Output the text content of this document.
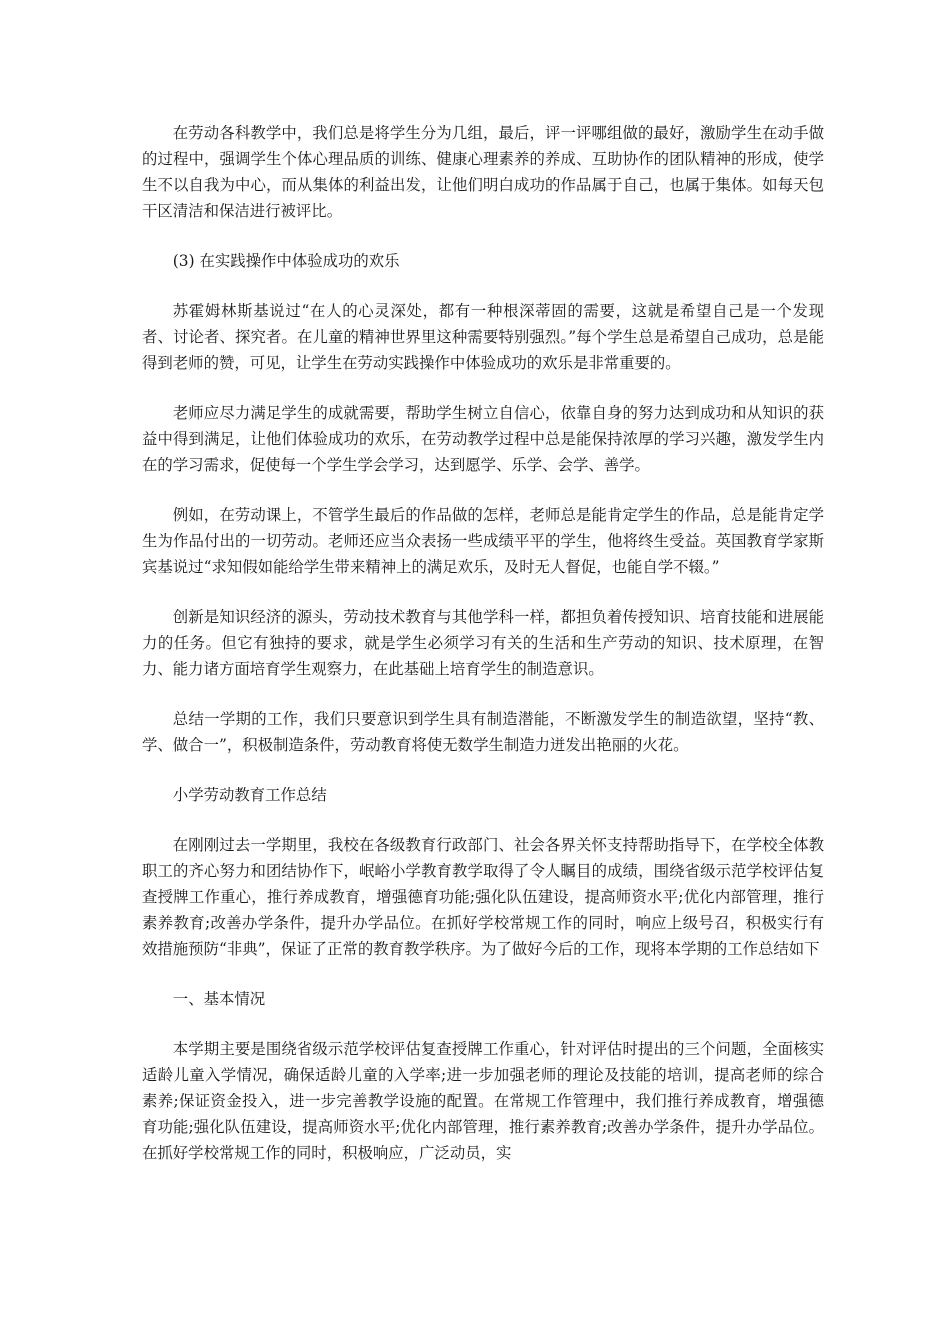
在劳动各科教学中，我们总是将学生分为几组，最后，评一评哪组做的最好，激励学生在动手做的过程中，强调学生个体心理品质的训练、健康心理素养的养成、互助协作的团队精神的形成，使学生不以自我为中心，而从集体的利益出发，让他们明白成功的作品属于自己，也属于集体。如每天包干区清洁和保洁进行被评比。

(3) 在实践操作中体验成功的欢乐

苏霍姆林斯基说过“在人的心灵深处，都有一种根深蒂固的需要，这就是希望自己是一个发现者、讨论者、探究者。在儿童的精神世界里这种需要特别强烈。”每个学生总是希望自己成功，总是能得到老师的赞，可见，让学生在劳动实践操作中体验成功的欢乐是非常重要的。

老师应尽力满足学生的成就需要，帮助学生树立自信心，依靠自身的努力达到成功和从知识的获益中得到满足，让他们体验成功的欢乐，在劳动教学过程中总是能保持浓厚的学习兴趣，激发学生内在的学习需求，促使每一个学生学会学习，达到愿学、乐学、会学、善学。

例如，在劳动课上，不管学生最后的作品做的怎样，老师总是能肯定学生的作品，总是能肯定学生为作品付出的一切劳动。老师还应当众表扬一些成绩平平的学生，他将终生受益。英国教育学家斯宾基说过“求知假如能给学生带来精神上的满足欢乐，及时无人督促，也能自学不辍。”

创新是知识经济的源头，劳动技术教育与其他学科一样，都担负着传授知识、培育技能和进展能力的任务。但它有独持的要求，就是学生必须学习有关的生活和生产劳动的知识、技术原理，在智力、能力诸方面培育学生观察力，在此基础上培育学生的制造意识。

总结一学期的工作，我们只要意识到学生具有制造潜能，不断激发学生的制造欲望，坚持“教、学、做合一”，积极制造条件，劳动教育将使无数学生制造力迸发出艳丽的火花。

小学劳动教育工作总结

在刚刚过去一学期里，我校在各级教育行政部门、社会各界关怀支持帮助指导下，在学校全体教职工的齐心努力和团结协作下，岷峪小学教育教学取得了令人瞩目的成绩，围绕省级示范学校评估复查授牌工作重心，推行养成教育，增强德育功能;强化队伍建设，提高师资水平;优化内部管理，推行素养教育;改善办学条件，提升办学品位。在抓好学校常规工作的同时，响应上级号召，积极实行有效措施预防“非典”，保证了正常的教育教学秩序。为了做好今后的工作，现将本学期的工作总结如下

一、基本情况

本学期主要是围绕省级示范学校评估复查授牌工作重心，针对评估时提出的三个问题，全面核实适龄儿童入学情况，确保适龄儿童的入学率;进一步加强老师的理论及技能的培训，提高老师的综合素养;保证资金投入，进一步完善教学设施的配置。在常规工作管理中，我们推行养成教育，增强德育功能;强化队伍建设，提高师资水平;优化内部管理，推行素养教育;改善办学条件，提升办学品位。在抓好学校常规工作的同时，积极响应，广泛动员，实
